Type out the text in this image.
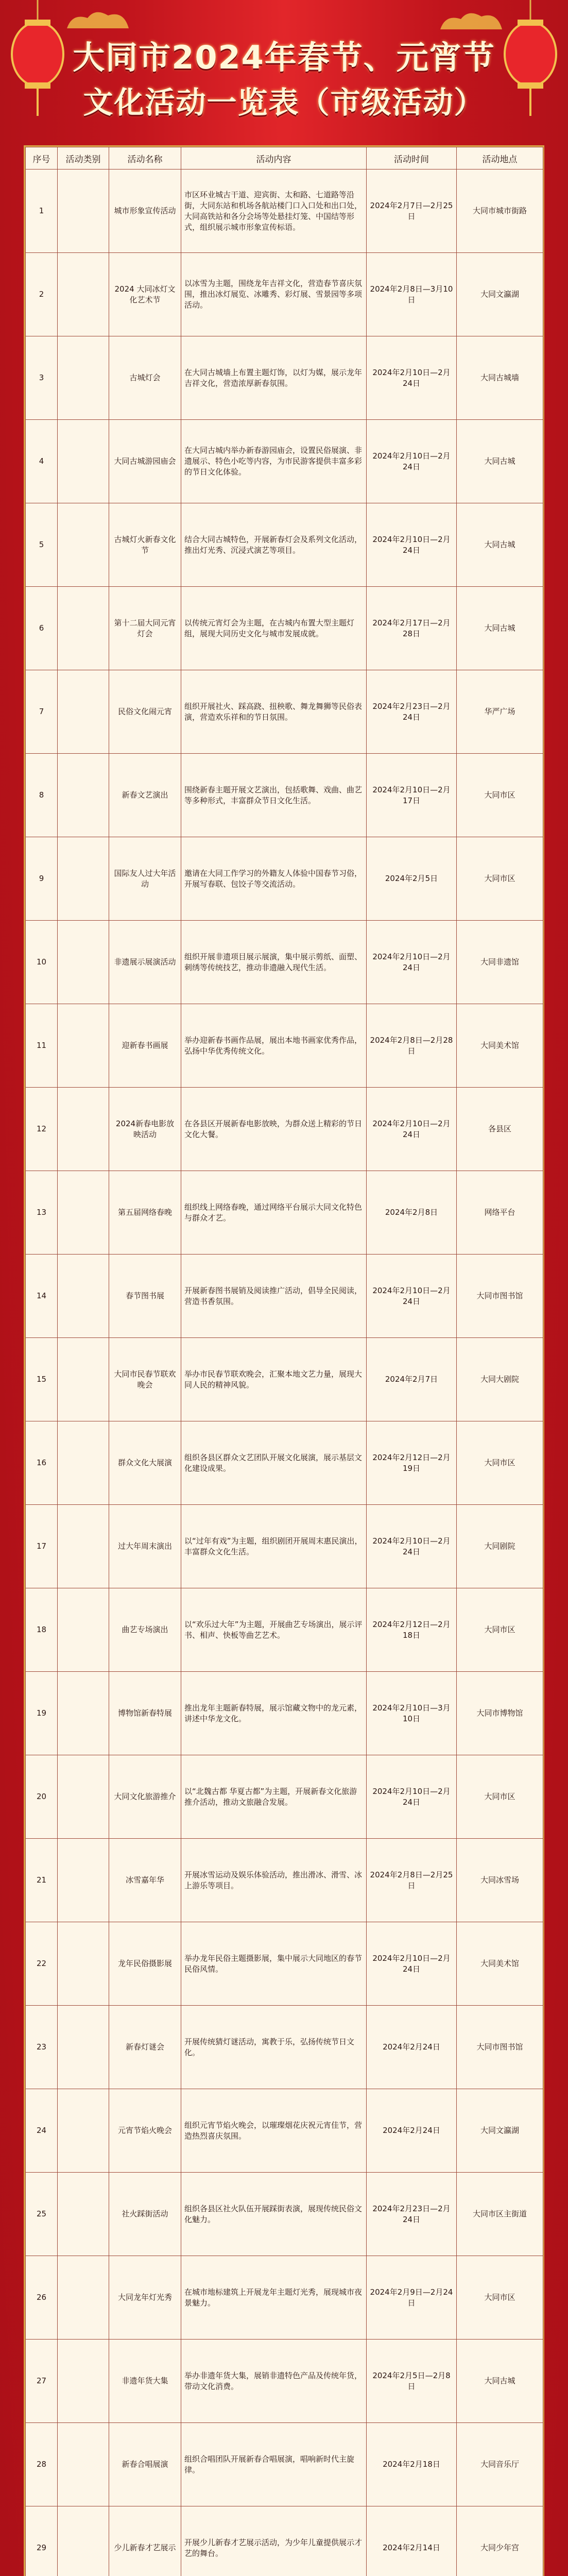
大同市2024年春节、元宵节
文化活动一览表（市级活动）
序号	活动类别	活动名称	活动内容	活动时间	活动地点
1		城市形象宣传活动	市区环业城古干道、迎宾街、太和路、七道路等沿街，大同东站和机场各航站楼门口入口处和出口处，大同高铁站和各分会场等处悬挂灯笼、中国结等形式，组织展示城市形象宣传标语。	2024年2月7日—2月25日	大同市城市街路
2		2024 大同冰灯文化艺术节	以冰雪为主题，围绕龙年吉祥文化，营造春节喜庆氛围，推出冰灯展览、冰雕秀、彩灯展、雪景园等多项活动。	2024年2月8日—3月10日	大同文瀛湖
3		古城灯会	在大同古城墙上布置主题灯饰，以灯为媒，展示龙年吉祥文化，营造浓厚新春氛围。	2024年2月10日—2月24日	大同古城墙
4		大同古城游园庙会	在大同古城内举办新春游园庙会，设置民俗展演、非遗展示、特色小吃等内容，为市民游客提供丰富多彩的节日文化体验。	2024年2月10日—2月24日	大同古城
5		古城灯火新春文化节	结合大同古城特色，开展新春灯会及系列文化活动，推出灯光秀、沉浸式演艺等项目。	2024年2月10日—2月24日	大同古城
6		第十二届大同元宵灯会	以传统元宵灯会为主题，在古城内布置大型主题灯组，展现大同历史文化与城市发展成就。	2024年2月17日—2月28日	大同古城
7		民俗文化闹元宵	组织开展社火、踩高跷、扭秧歌、舞龙舞狮等民俗表演，营造欢乐祥和的节日氛围。	2024年2月23日—2月24日	华严广场
8		新春文艺演出	围绕新春主题开展文艺演出，包括歌舞、戏曲、曲艺等多种形式，丰富群众节日文化生活。	2024年2月10日—2月17日	大同市区
9		国际友人过大年活动	邀请在大同工作学习的外籍友人体验中国春节习俗，开展写春联、包饺子等交流活动。	2024年2月5日	大同市区
10		非遗展示展演活动	组织开展非遗项目展示展演，集中展示剪纸、面塑、刺绣等传统技艺，推动非遗融入现代生活。	2024年2月10日—2月24日	大同非遗馆
11		迎新春书画展	举办迎新春书画作品展，展出本地书画家优秀作品，弘扬中华优秀传统文化。	2024年2月8日—2月28日	大同美术馆
12		2024新春电影放映活动	在各县区开展新春电影放映，为群众送上精彩的节日文化大餐。	2024年2月10日—2月24日	各县区
13		第五届网络春晚	组织线上网络春晚，通过网络平台展示大同文化特色与群众才艺。	2024年2月8日	网络平台
14		春节图书展	开展新春图书展销及阅读推广活动，倡导全民阅读，营造书香氛围。	2024年2月10日—2月24日	大同市图书馆
15		大同市民春节联欢晚会	举办市民春节联欢晚会，汇聚本地文艺力量，展现大同人民的精神风貌。	2024年2月7日	大同大剧院
16		群众文化大展演	组织各县区群众文艺团队开展文化展演，展示基层文化建设成果。	2024年2月12日—2月19日	大同市区
17		过大年周末演出	以“过年有戏”为主题，组织剧团开展周末惠民演出，丰富群众文化生活。	2024年2月10日—2月24日	大同剧院
18		曲艺专场演出	以“欢乐过大年”为主题，开展曲艺专场演出，展示评书、相声、快板等曲艺艺术。	2024年2月12日—2月18日	大同市区
19		博物馆新春特展	推出龙年主题新春特展，展示馆藏文物中的龙元素，讲述中华龙文化。	2024年2月10日—3月10日	大同市博物馆
20		大同文化旅游推介	以“北魏古都 华夏古都”为主题，开展新春文化旅游推介活动，推动文旅融合发展。	2024年2月10日—2月24日	大同市区
21		冰雪嘉年华	开展冰雪运动及娱乐体验活动，推出滑冰、滑雪、冰上游乐等项目。	2024年2月8日—2月25日	大同冰雪场
22		龙年民俗摄影展	举办龙年民俗主题摄影展，集中展示大同地区的春节民俗风情。	2024年2月10日—2月24日	大同美术馆
23		新春灯谜会	开展传统猜灯谜活动，寓教于乐，弘扬传统节日文化。	2024年2月24日	大同市图书馆
24		元宵节焰火晚会	组织元宵节焰火晚会，以璀璨烟花庆祝元宵佳节，营造热烈喜庆氛围。	2024年2月24日	大同文瀛湖
25		社火踩街活动	组织各县区社火队伍开展踩街表演，展现传统民俗文化魅力。	2024年2月23日—2月24日	大同市区主街道
26		大同龙年灯光秀	在城市地标建筑上开展龙年主题灯光秀，展现城市夜景魅力。	2024年2月9日—2月24日	大同市区
27		非遗年货大集	举办非遗年货大集，展销非遗特色产品及传统年货，带动文化消费。	2024年2月5日—2月8日	大同古城
28		新春合唱展演	组织合唱团队开展新春合唱展演，唱响新时代主旋律。	2024年2月18日	大同音乐厅
29		少儿新春才艺展示	开展少儿新春才艺展示活动，为少年儿童提供展示才艺的舞台。	2024年2月14日	大同少年宫
